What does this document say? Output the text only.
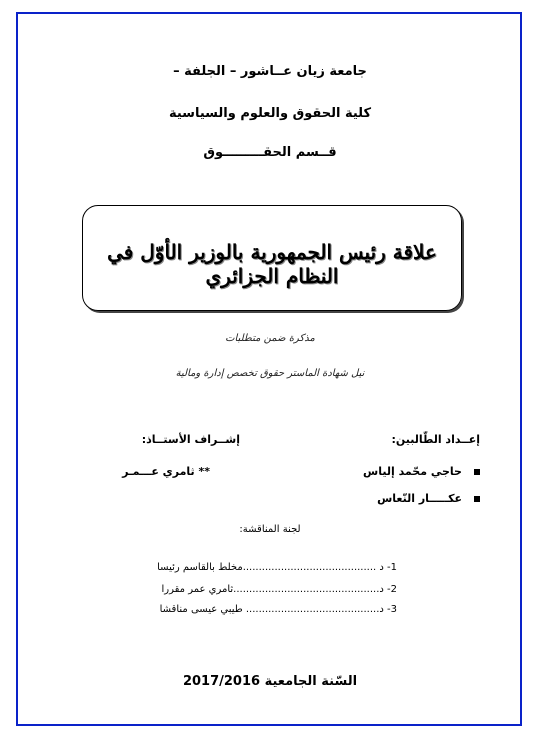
جامعة زيان عــاشور – الجلفة –
كلية الحقوق والعلوم والسياسية
قــسم الحقـــــــــوق
علاقة رئيس الجمهورية بالوزير الأوّل في النظام الجزائري
مذكرة ضمن متطلبات
نيل شهادة الماستر حقوق تخصص إدارة ومالية
إعــداد الطّالبين:
إشــراف الأستــاذ:
حاجي محّمد إلياس
عكـــــار النّعاس
** ثامري عـــمـر
لجنة المناقشة:
1- د ..........................................مخلط بالقاسم رئيسا
2- د..............................................ثامري عمر مقررا
3- د.......................................... طيبي عيسى مناقشا
السّنة الجامعية 2017/2016
